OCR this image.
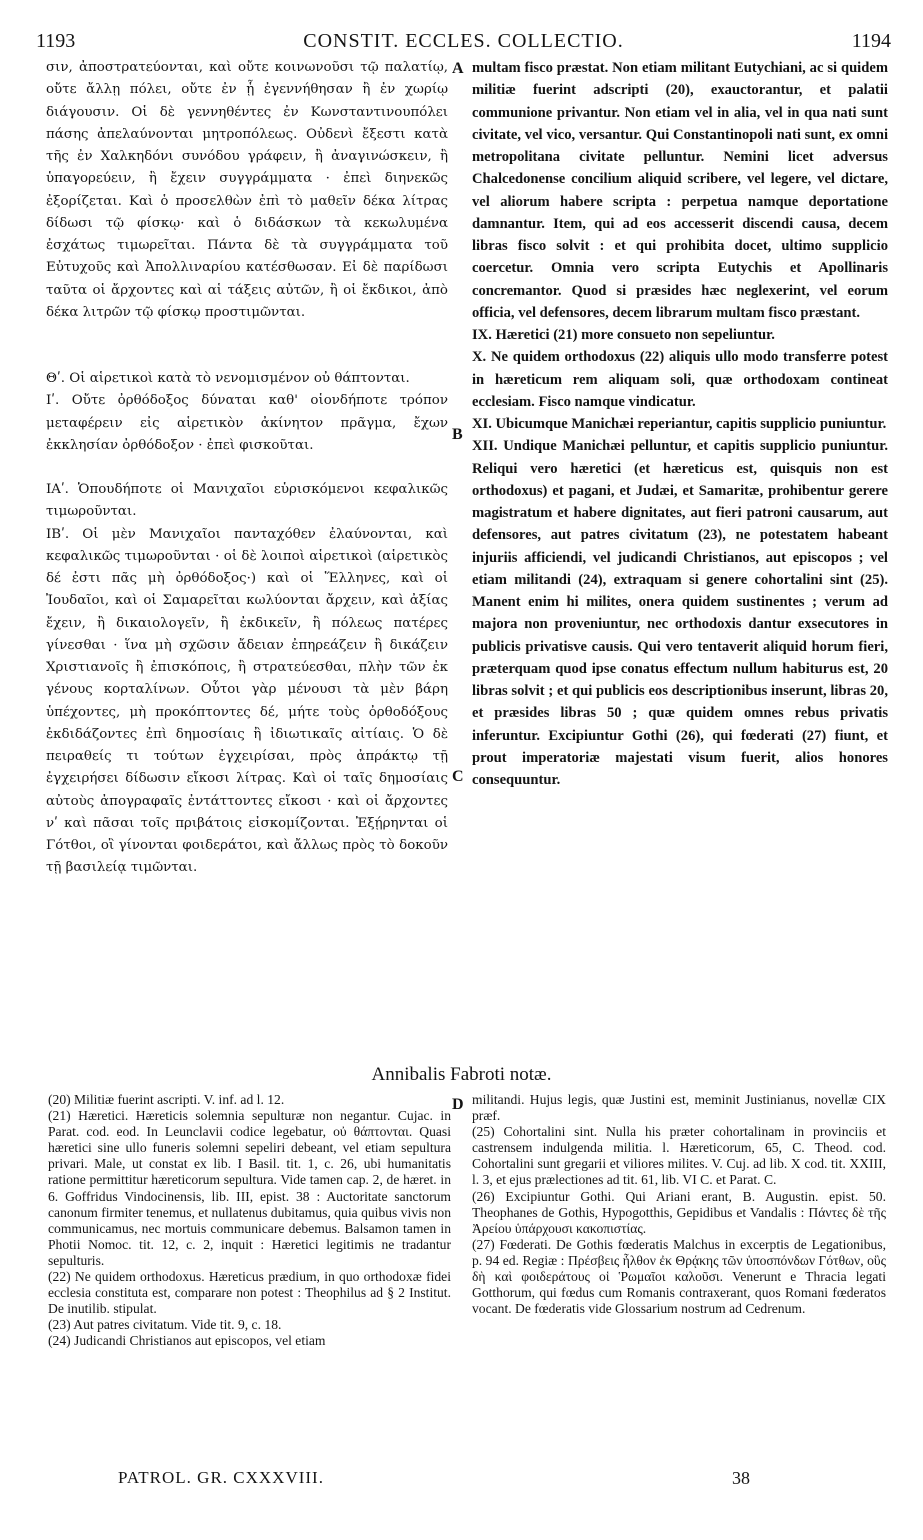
1193	CONSTIT. ECCLES. COLLECTIO.	1194

σιν, ἀποστρατεύονται, καὶ οὔτε κοινωνοῦσι τῷ παλατίῳ, οὔτε ἄλλῃ πόλει, οὔτε ἐν ᾗ ἐγεννήθησαν ἢ ἐν χωρίῳ διάγουσιν. Οἱ δὲ γεννηθέντες ἐν Κωνσταντινουπόλει πάσης ἀπελαύνονται μητροπόλεως. Οὐδενὶ ἔξεστι κατὰ τῆς ἐν Χαλκηδόνι συνόδου γράφειν, ἢ ἀναγινώσκειν, ἢ ὑπαγορεύειν, ἢ ἔχειν συγγράμματα · ἐπεὶ διηνεκῶς ἐξορίζεται. Καὶ ὁ προσελθὼν ἐπὶ τὸ μαθεῖν δέκα λίτρας δίδωσι τῷ φίσκῳ· καὶ ὁ διδάσκων τὰ κεκωλυμένα ἐσχάτως τιμωρεῖται. Πάντα δὲ τὰ συγγράμματα τοῦ Εὐτυχοῦς καὶ Ἀπολλιναρίου κατέσθωσαν. Εἰ δὲ παρίδωσι ταῦτα οἱ ἄρχοντες καὶ αἱ τάξεις αὐτῶν, ἢ οἱ ἔκδικοι, ἀπὸ δέκα λιτρῶν τῷ φίσκῳ προστιμῶνται.

Θʹ. Οἱ αἱρετικοὶ κατὰ τὸ νενομισμένον οὐ θάπτονται.

Ιʹ. Οὔτε ὀρθόδοξος δύναται καθ' οἱονδήποτε τρόπον μεταφέρειν εἰς αἱρετικὸν ἀκίνητον πρᾶγμα, ἔχων ἐκκλησίαν ὀρθόδοξον · ἐπεὶ φισκοῦται.

ΙΑʹ. Ὁπουδήποτε οἱ Μανιχαῖοι εὑρισκόμενοι κεφαλικῶς τιμωροῦνται.

ΙΒʹ. Οἱ μὲν Μανιχαῖοι πανταχόθεν ἐλαύνονται, καὶ κεφαλικῶς τιμωροῦνται · οἱ δὲ λοιποὶ αἱρετικοὶ (αἱρετικὸς δέ ἐστι πᾶς μὴ ὀρθόδοξος·) καὶ οἱ Ἕλληνες, καὶ οἱ Ἰουδαῖοι, καὶ οἱ Σαμαρεῖται κωλύονται ἄρχειν, καὶ ἀξίας ἔχειν, ἢ δικαιολογεῖν, ἢ ἐκδικεῖν, ἢ πόλεως πατέρες γίνεσθαι · ἵνα μὴ σχῶσιν ἄδειαν ἐπηρεάζειν ἢ δικάζειν Χριστιανοῖς ἢ ἐπισκόποις, ἢ στρατεύεσθαι, πλὴν τῶν ἐκ γένους κορταλίνων. Οὗτοι γὰρ μένουσι τὰ μὲν βάρη ὑπέχοντες, μὴ προκόπτοντες δέ, μήτε τοὺς ὀρθοδόξους ἐκδιδάζοντες ἐπὶ δημοσίαις ἢ ἰδιωτικαῖς αἰτίαις. Ὁ δὲ πειραθείς τι τούτων ἐγχειρίσαι, πρὸς ἀπράκτῳ τῇ ἐγχειρήσει δίδωσιν εἴκοσι λίτρας. Καὶ οἱ ταῖς δημοσίαις αὐτοὺς ἀπογραφαῖς ἐντάττοντες εἴκοσι · καὶ οἱ ἄρχοντες νʹ καὶ πᾶσαι τοῖς πριβάτοις εἰσκομίζονται. Ἐξῄρηνται οἱ Γότθοι, οἳ γίνονται φοιδεράτοι, καὶ ἄλλως πρὸς τὸ δοκοῦν τῇ βασιλείᾳ τιμῶνται.

A
B
C
D

multam fisco præstat. Non etiam militant Eutychiani, ac si quidem militiæ fuerint adscripti (20), exauctorantur, et palatii communione privantur. Non etiam vel in alia, vel in qua nati sunt civitate, vel vico, versantur. Qui Constantinopoli nati sunt, ex omni metropolitana civitate pelluntur. Nemini licet adversus Chalcedonense concilium aliquid scribere, vel legere, vel dictare, vel aliorum habere scripta : perpetua namque deportatione damnantur. Item, qui ad eos accesserit discendi causa, decem libras fisco solvit : et qui prohibita docet, ultimo supplicio coercetur. Omnia vero scripta Eutychis et Apollinaris concremantor. Quod si præsides hæc neglexerint, vel eorum officia, vel defensores, decem librarum multam fisco præstant.

IX. Hæretici (21) more consueto non sepeliuntur.

X. Ne quidem orthodoxus (22) aliquis ullo modo transferre potest in hæreticum rem aliquam soli, quæ orthodoxam contineat ecclesiam. Fisco namque vindicatur.

XI. Ubicumque Manichæi reperiantur, capitis supplicio puniuntur.

XII. Undique Manichæi pelluntur, et capitis supplicio puniuntur. Reliqui vero hæretici (et hæreticus est, quisquis non est orthodoxus) et pagani, et Judæi, et Samaritæ, prohibentur gerere magistratum et habere dignitates, aut fieri patroni causarum, aut defensores, aut patres civitatum (23), ne potestatem habeant injuriis afficiendi, vel judicandi Christianos, aut episcopos ; vel etiam militandi (24), extraquam si genere cohortalini sint (25). Manent enim hi milites, onera quidem sustinentes ; verum ad majora non proveniuntur, nec orthodoxis dantur exsecutores in publicis privatisve causis. Qui vero tentaverit aliquid horum fieri, præterquam quod ipse conatus effectum nullum habiturus est, 20 libras solvit ; et qui publicis eos descriptionibus inserunt, libras 20, et præsides libras 50 ; quæ quidem omnes rebus privatis inferuntur. Excipiuntur Gothi (26), qui fœderati (27) fiunt, et prout imperatoriæ majestati visum fuerit, alios honores consequuntur.

Annibalis Fabroti notæ.

(20) Militiæ fuerint ascripti. V. inf. ad l. 12.

(21) Hæretici. Hæreticis solemnia sepulturæ non negantur. Cujac. in Parat. cod. eod. In Leunclavii codice legebatur, οὐ θάπτονται. Quasi hæretici sine ullo funeris solemni sepeliri debeant, vel etiam sepultura privari. Male, ut constat ex lib. I Basil. tit. 1, c. 26, ubi humanitatis ratione permittitur hæreticorum sepultura. Vide tamen cap. 2, de hæret. in 6. Goffridus Vindocinensis, lib. III, epist. 38 : Auctoritate sanctorum canonum firmiter tenemus, et nullatenus dubitamus, quia quibus vivis non communicamus, nec mortuis communicare debemus. Balsamon tamen in Photii Nomoc. tit. 12, c. 2, inquit : Hæretici legitimis ne tradantur sepulturis.

(22) Ne quidem orthodoxus. Hæreticus prædium, in quo orthodoxæ fidei ecclesia constituta est, comparare non potest : Theophilus ad § 2 Institut. De inutilib. stipulat.

(23) Aut patres civitatum. Vide tit. 9, c. 18.

(24) Judicandi Christianos aut episcopos, vel etiam

militandi. Hujus legis, quæ Justini est, meminit Justinianus, novellæ CIX præf.

(25) Cohortalini sint. Nulla his præter cohortalinam in provinciis et castrensem indulgenda militia. l. Hæreticorum, 65, C. Theod. cod. Cohortalini sunt gregarii et viliores milites. V. Cuj. ad lib. X cod. tit. XXIII, l. 3, et ejus prælectiones ad tit. 61, lib. VI C. et Parat. C.

(26) Excipiuntur Gothi. Qui Ariani erant, B. Augustin. epist. 50. Theophanes de Gothis, Hypogotthis, Gepidibus et Vandalis : Πάντες δὲ τῆς Ἀρείου ὑπάρχουσι κακοπιστίας.

(27) Fœderati. De Gothis fœderatis Malchus in excerptis de Legationibus, p. 94 ed. Regiæ : Πρέσβεις ἦλθον ἐκ Θρᾴκης τῶν ὑποσπόνδων Γότθων, οὓς δὴ καὶ φοιδεράτους οἱ Ῥωμαῖοι καλοῦσι. Venerunt e Thracia legati Gotthorum, qui fœdus cum Romanis contraxerant, quos Romani fœderatos vocant. De fœderatis vide Glossarium nostrum ad Cedrenum.

PATROL. GR. CXXXVIII.	38
